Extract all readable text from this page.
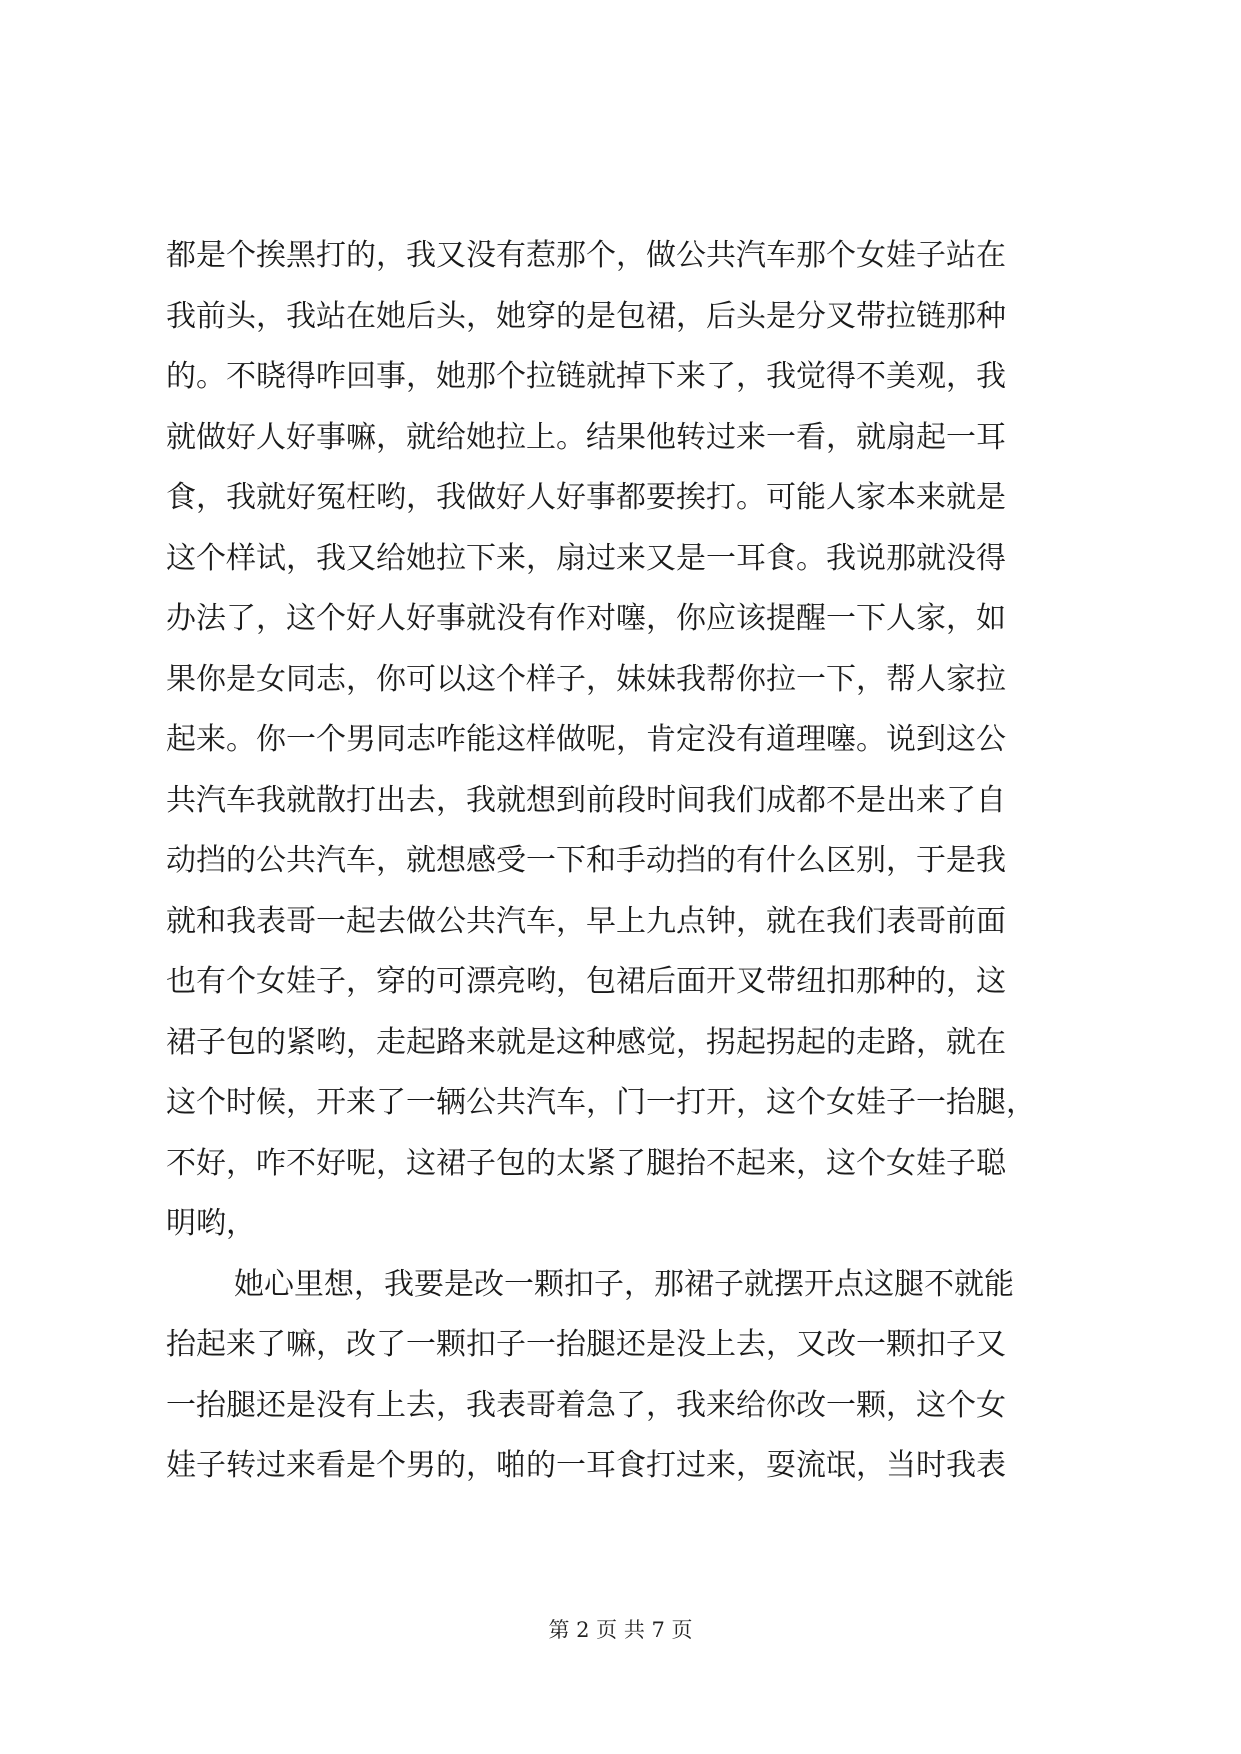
都是个挨黑打的，我又没有惹那个，做公共汽车那个女娃子站在
我前头，我站在她后头，她穿的是包裙，后头是分叉带拉链那种
的。不晓得咋回事，她那个拉链就掉下来了，我觉得不美观，我
就做好人好事嘛，就给她拉上。结果他转过来一看，就扇起一耳
食，我就好冤枉哟，我做好人好事都要挨打。可能人家本来就是
这个样试，我又给她拉下来，扇过来又是一耳食。我说那就没得
办法了，这个好人好事就没有作对噻，你应该提醒一下人家，如
果你是女同志，你可以这个样子，妹妹我帮你拉一下，帮人家拉
起来。你一个男同志咋能这样做呢，肯定没有道理噻。说到这公
共汽车我就散打出去，我就想到前段时间我们成都不是出来了自
动挡的公共汽车，就想感受一下和手动挡的有什么区别，于是我
就和我表哥一起去做公共汽车，早上九点钟，就在我们表哥前面
也有个女娃子，穿的可漂亮哟，包裙后面开叉带纽扣那种的，这
裙子包的紧哟，走起路来就是这种感觉，拐起拐起的走路，就在
这个时候，开来了一辆公共汽车，门一打开，这个女娃子一抬腿，
不好，咋不好呢，这裙子包的太紧了腿抬不起来，这个女娃子聪
明哟，
她心里想，我要是改一颗扣子，那裙子就摆开点这腿不就能
抬起来了嘛，改了一颗扣子一抬腿还是没上去，又改一颗扣子又
一抬腿还是没有上去，我表哥着急了，我来给你改一颗，这个女
娃子转过来看是个男的，啪的一耳食打过来，耍流氓，当时我表
第 2 页 共 7 页
